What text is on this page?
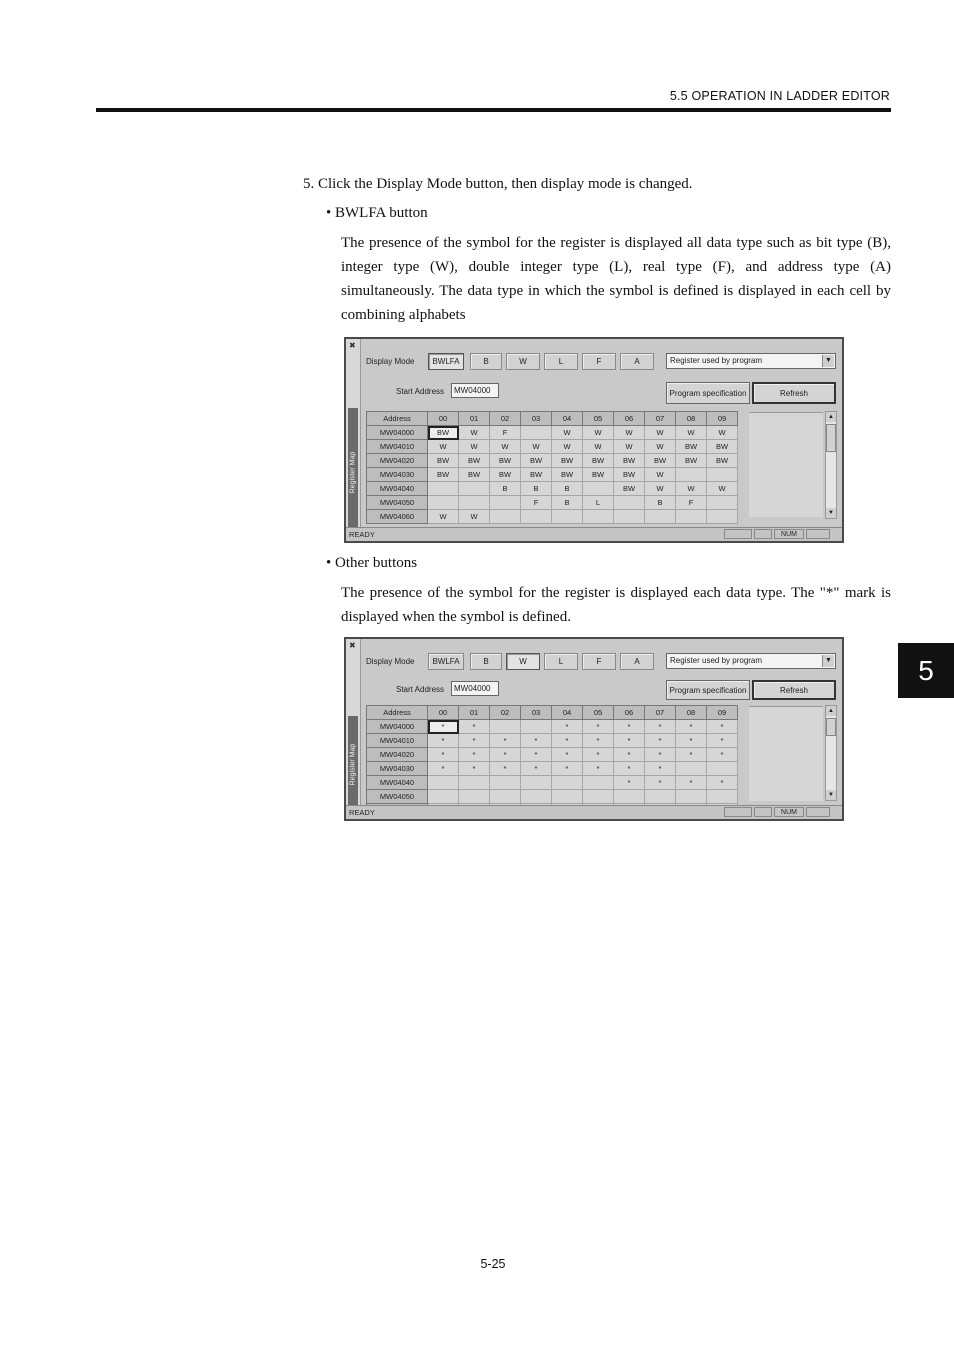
5.5 OPERATION IN LADDER EDITOR
5
5. Click the Display Mode button, then display mode is changed.
• BWLFA button
The presence of the symbol for the register is displayed all data type such as bit type (B), integer type (W), double integer type (L), real type (F), and address type (A) simultaneously. The data type in which the symbol is defined is displayed in each cell by combining alphabets
✖
Register Map
Display Mode	Register used by program	▼
Start Address	MW04000	Program specification	Refresh
Address	00	01	02	03	04	05	06	07	08	09
MW04000	BW	W	F		W	W	W	W	W	W
MW04010	W	W	W	W	W	W	W	W	BW	BW
MW04020	BW	BW	BW	BW	BW	BW	BW	BW	BW	BW
MW04030	BW	BW	BW	BW	BW	BW	BW	W		
MW04040			B	B	B		BW	W	W	W
MW04050				F	B	L		B	F	
MW04060	W	W								
▲
▼
READY	NUM
BWLFA	B	W	L	F	A
• Other buttons
The presence of the symbol for the register is displayed each data type. The "*" mark is displayed when the symbol is defined.
✖
Register Map
Display Mode	Register used by program	▼
Start Address	MW04000	Program specification	Refresh
Address	00	01	02	03	04	05	06	07	08	09
MW04000	*	*			*	*	*	*	*	*
MW04010	*	*	*	*	*	*	*	*	*	*
MW04020	*	*	*	*	*	*	*	*	*	*
MW04030	*	*	*	*	*	*	*	*		
MW04040							*	*	*	*
MW04050										

▲
▼
READY	NUM
BWLFA	B	W	L	F	A
5-25
